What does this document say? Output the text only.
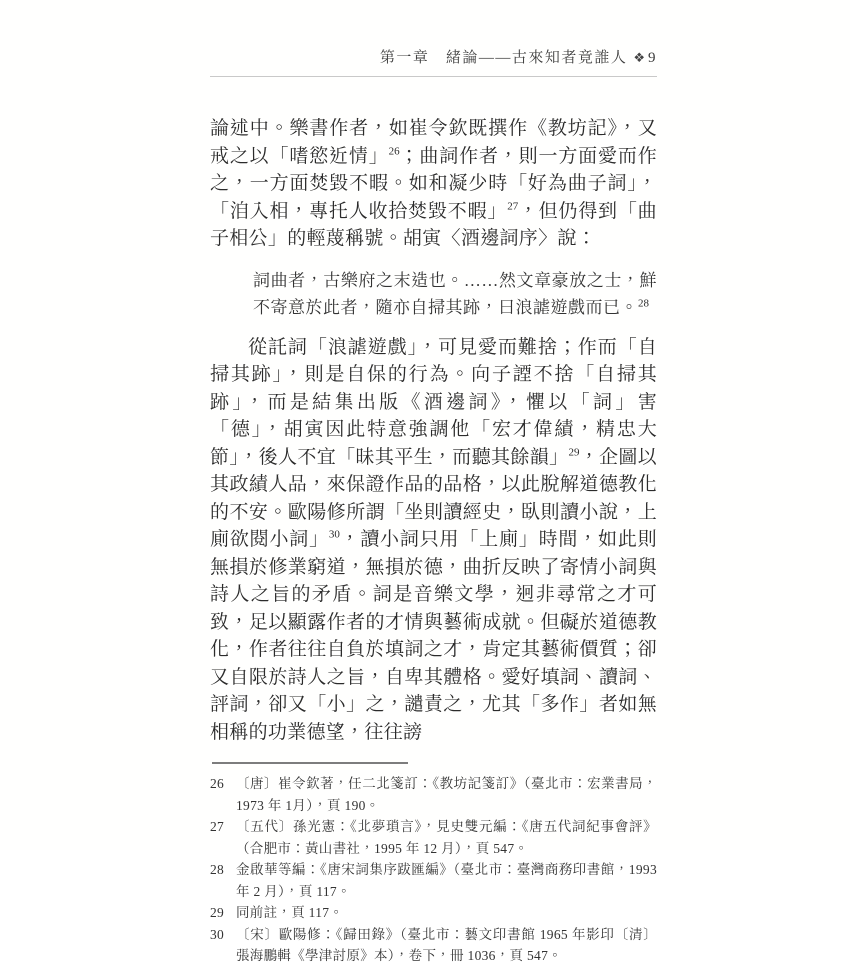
第一章　緒論——古來知者竟誰人 ❖ 9

論述中。樂書作者，如崔令欽既撰作《教坊記》，又戒之以「嗜慾近情」$^{26}$；曲詞作者，則一方面愛而作之，一方面焚毀不暇。如和凝少時「好為曲子詞」，「洎入相，專托人收拾焚毀不暇」$^{27}$，但仍得到「曲子相公」的輕蔑稱號。胡寅〈酒邊詞序〉說：

詞曲者，古樂府之末造也。……然文章豪放之士，鮮不寄意於此者，隨亦自掃其跡，曰浪謔遊戲而已。$^{28}$

從託詞「浪謔遊戲」，可見愛而難捨；作而「自掃其跡」，則是自保的行為。向子諲不捨「自掃其跡」，而是結集出版《酒邊詞》，懼以「詞」害「德」，胡寅因此特意強調他「宏才偉績，精忠大節」，後人不宜「昧其平生，而聽其餘韻」$^{29}$，企圖以其政績人品，來保證作品的品格，以此脫解道德教化的不安。歐陽修所謂「坐則讀經史，臥則讀小說，上廁欲閱小詞」$^{30}$，讀小詞只用「上廁」時間，如此則無損於修業窮道，無損於德，曲折反映了寄情小詞與詩人之旨的矛盾。詞是音樂文學，迥非尋常之才可致，足以顯露作者的才情與藝術成就。但礙於道德教化，作者往往自負於填詞之才，肯定其藝術價質；卻又自限於詩人之旨，自卑其體格。愛好填詞、讀詞、評詞，卻又「小」之，譴責之，尤其「多作」者如無相稱的功業德望，往往謗

26 〔唐〕崔令欽著，任二北箋訂：《教坊記箋訂》（臺北市：宏業書局，1973 年 1月），頁 190。
27 〔五代〕孫光憲：《北夢瑣言》，見史雙元編：《唐五代詞紀事會評》（合肥市：黃山書社，1995 年 12 月），頁 547。
28 金啟華等編：《唐宋詞集序跋匯編》（臺北市：臺灣商務印書館，1993 年 2 月），頁 117。
29 同前註，頁 117。
30 〔宋〕歐陽修：《歸田錄》（臺北市：藝文印書館 1965 年影印〔清〕張海鵬輯《學津討原》本），卷下，冊 1036，頁 547。
